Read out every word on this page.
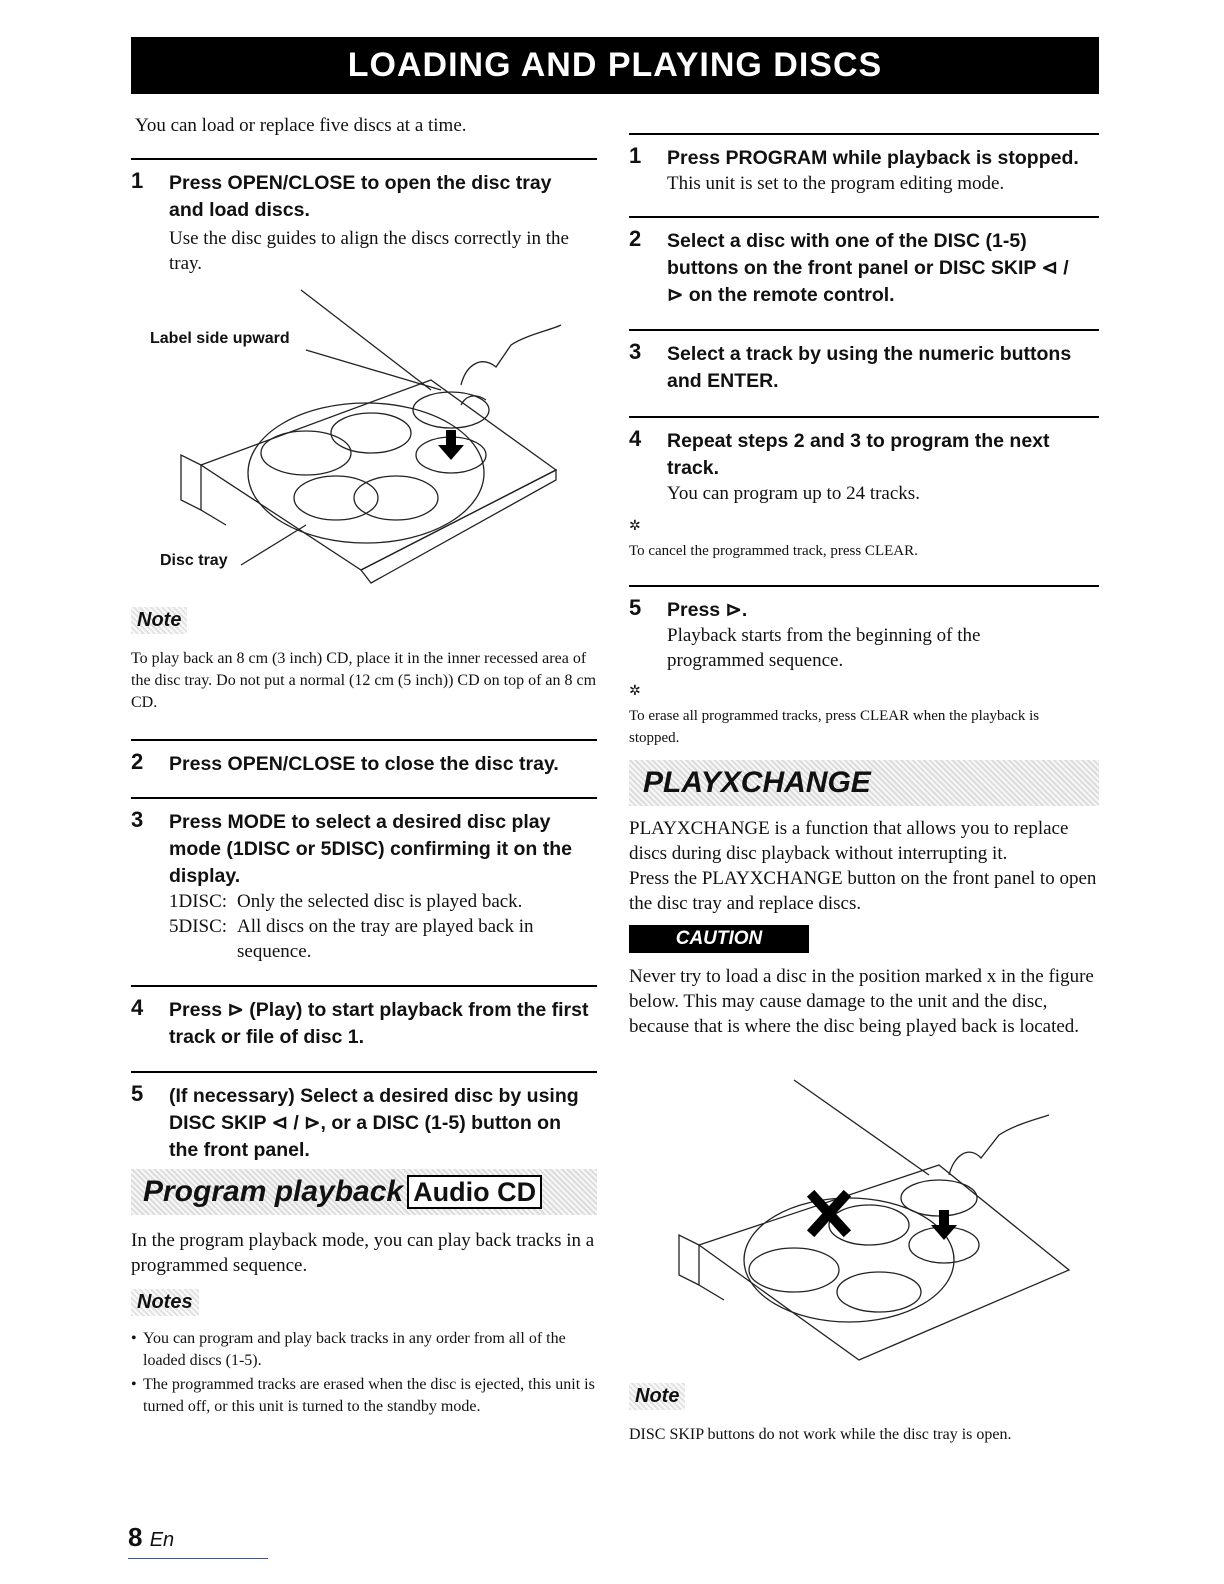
LOADING AND PLAYING DISCS
You can load or replace five discs at a time.
1 Press OPEN/CLOSE to open the disc tray and load discs.
Use the disc guides to align the discs correctly in the tray.
Label side upward
Disc tray
Note
To play back an 8 cm (3 inch) CD, place it in the inner recessed area of the disc tray. Do not put a normal (12 cm (5 inch)) CD on top of an 8 cm CD.
2 Press OPEN/CLOSE to close the disc tray.
3 Press MODE to select a desired disc play mode (1DISC or 5DISC) confirming it on the display.
1DISC: Only the selected disc is played back.
5DISC: All discs on the tray are played back in sequence.
4 Press ⊳ (Play) to start playback from the first track or file of disc 1.
5 (If necessary) Select a desired disc by using DISC SKIP ⊲ / ⊳, or a DISC (1-5) button on the front panel.
Program playback Audio CD
In the program playback mode, you can play back tracks in a programmed sequence.
Notes
• You can program and play back tracks in any order from all of the loaded discs (1-5).
• The programmed tracks are erased when the disc is ejected, this unit is turned off, or this unit is turned to the standby mode.
1 Press PROGRAM while playback is stopped.
This unit is set to the program editing mode.
2 Select a disc with one of the DISC (1-5) buttons on the front panel or DISC SKIP ⊲ / ⊳ on the remote control.
3 Select a track by using the numeric buttons and ENTER.
4 Repeat steps 2 and 3 to program the next track.
You can program up to 24 tracks.
✲
To cancel the programmed track, press CLEAR.
5 Press ⊳.
Playback starts from the beginning of the programmed sequence.
✲
To erase all programmed tracks, press CLEAR when the playback is stopped.
PLAYXCHANGE
PLAYXCHANGE is a function that allows you to replace discs during disc playback without interrupting it.
Press the PLAYXCHANGE button on the front panel to open the disc tray and replace discs.
CAUTION
Never try to load a disc in the position marked x in the figure below. This may cause damage to the unit and the disc, because that is where the disc being played back is located.
Note
DISC SKIP buttons do not work while the disc tray is open.
8 En
